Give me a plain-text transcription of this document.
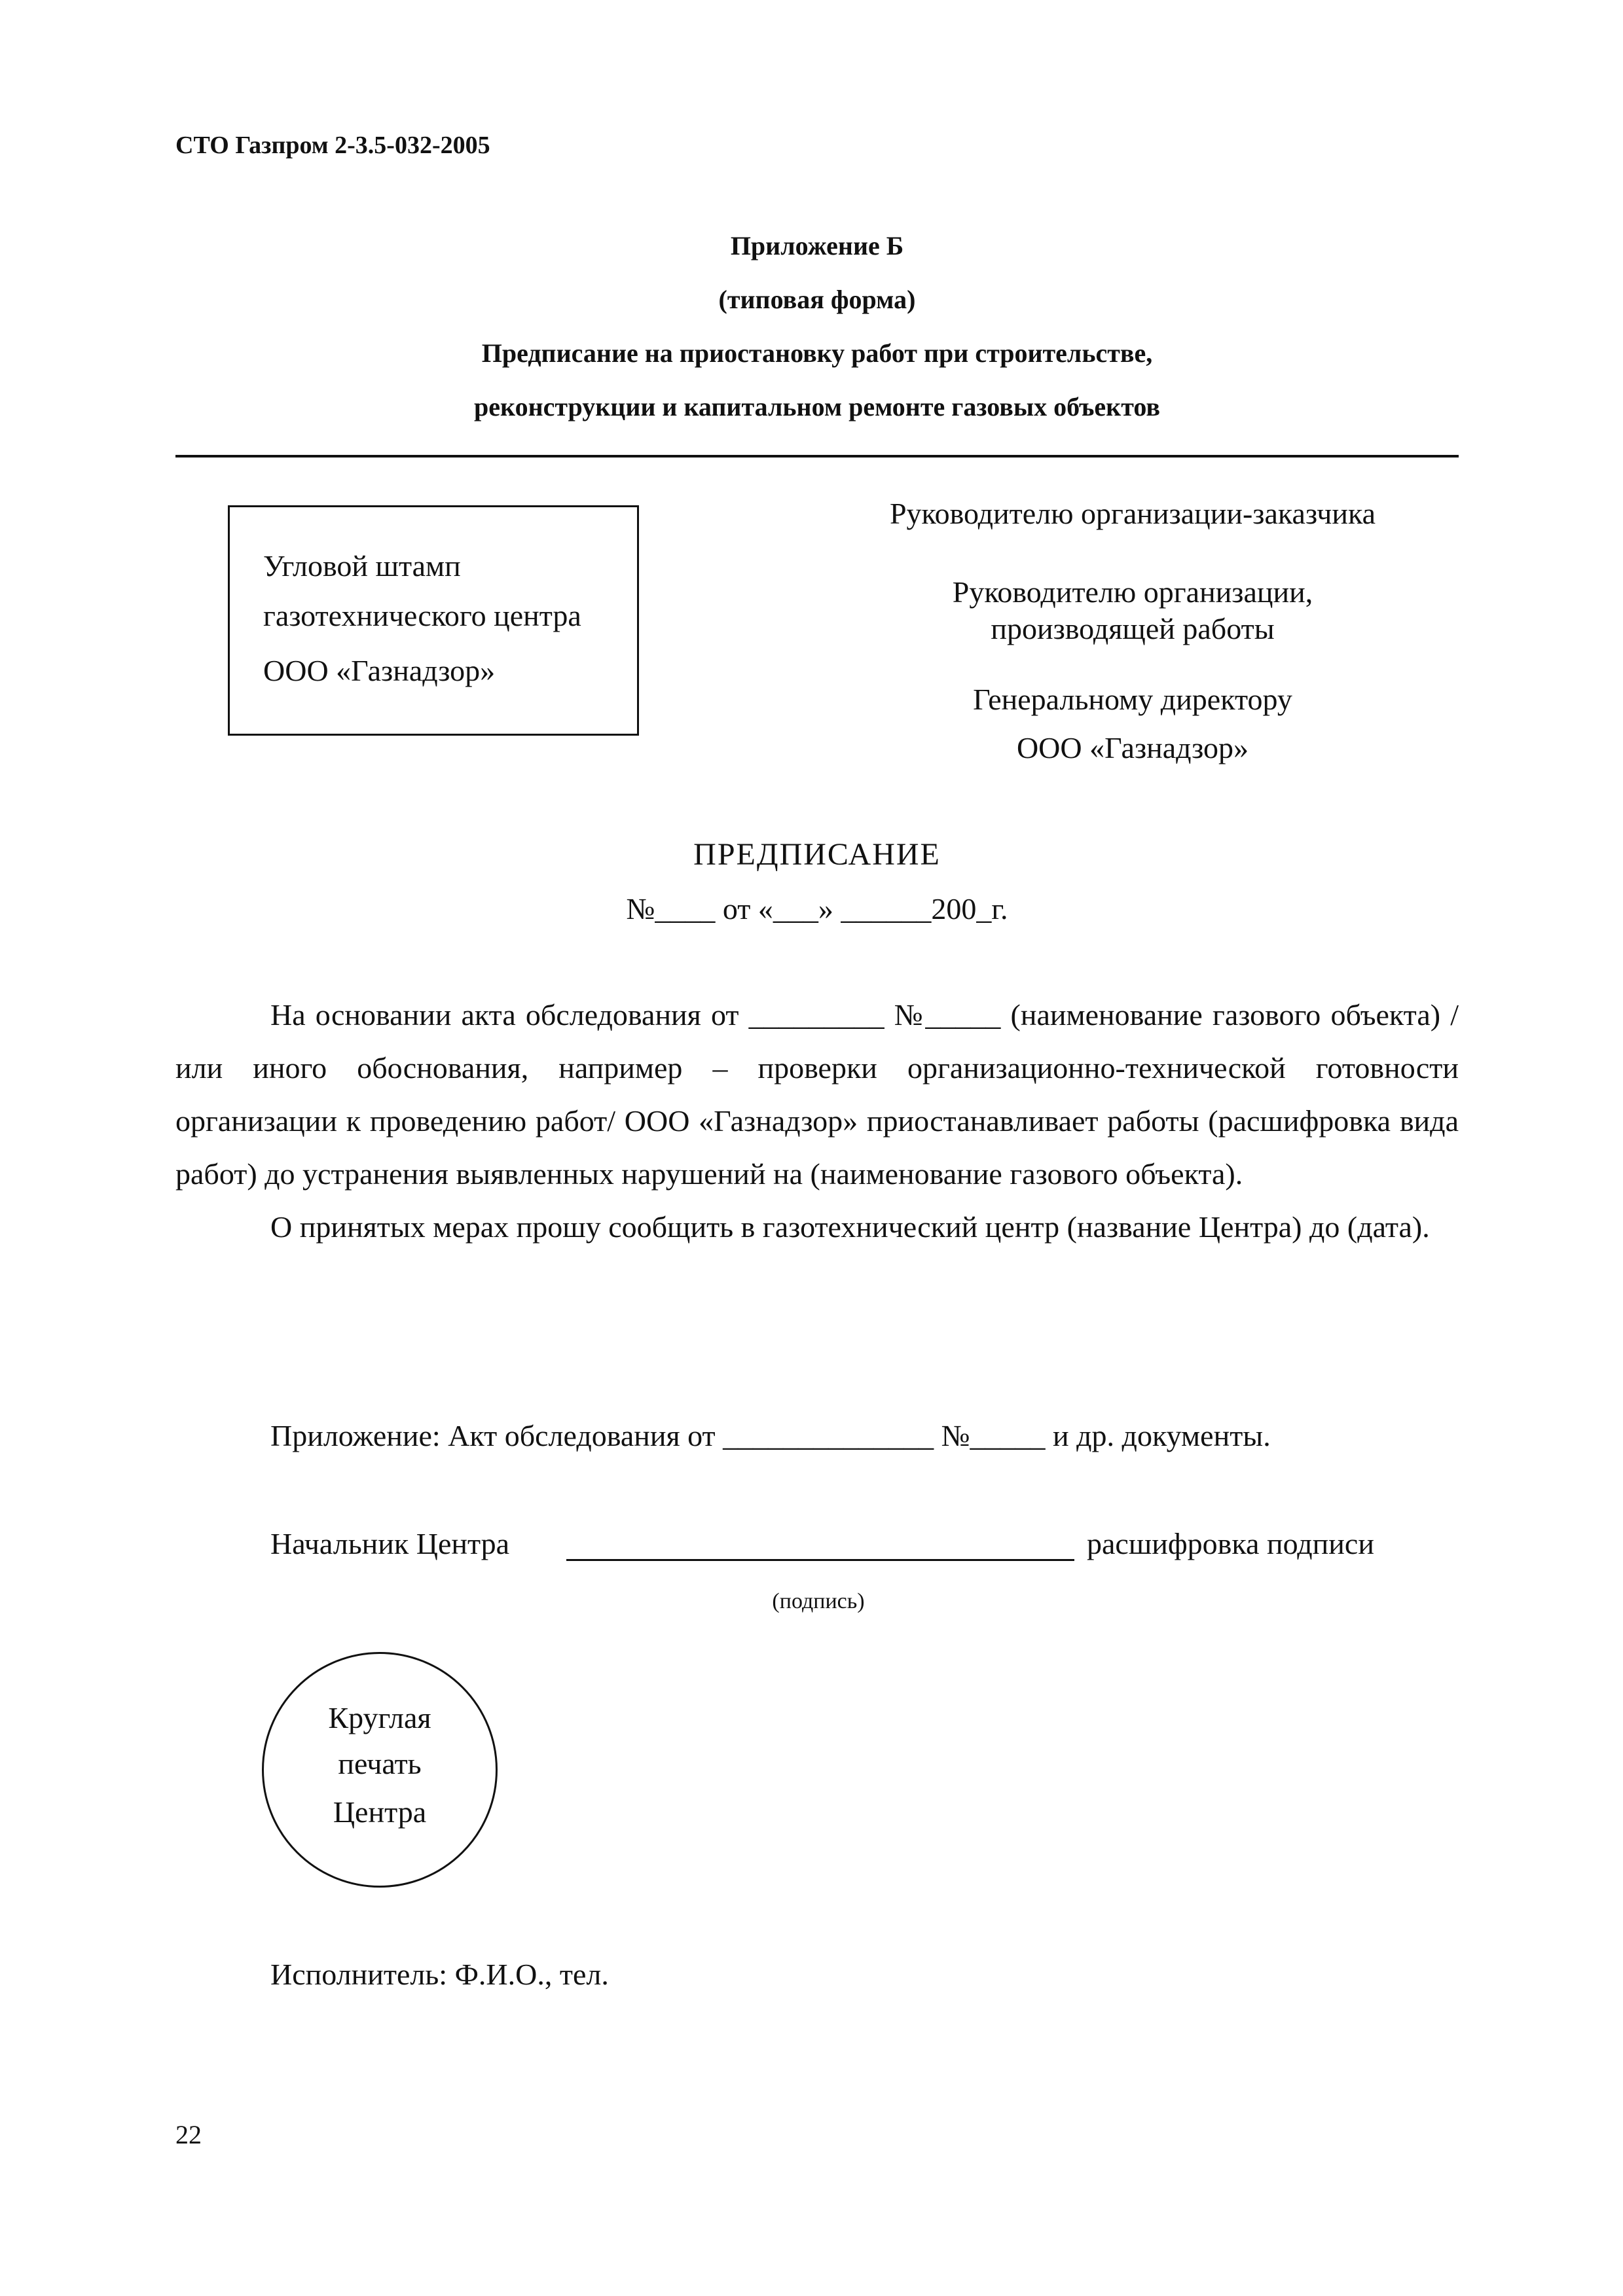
СТО Газпром 2-3.5-032-2005
Приложение Б
(типовая форма)
Предписание на приостановку работ при строительстве,
реконструкции и капитальном ремонте газовых объектов
Угловой штамп
газотехнического центра
ООО «Газнадзор»
Руководителю организации-заказчика
Руководителю организации,
производящей работы
Генеральному директору
ООО «Газнадзор»
ПРЕДПИСАНИЕ
№____ от «___» ______200_г.

На основании акта обследования от _________ №_____ (наименование газового объекта) /или иного обоснования, например – проверки организационно-технической готовности организации к проведению работ/ ООО «Газнадзор» приостанавливает работы (расшифровка вида работ) до устранения выявленных нарушений на (наименование газового объекта).

О принятых мерах прошу сообщить в газотехнический центр (название Центра) до (дата).

Приложение: Акт обследования от ______________ №_____ и др. документы.
Начальник Центра	расшифровка подписи
(подпись)
Круглая
печать
Центра
Исполнитель: Ф.И.О., тел.
22
